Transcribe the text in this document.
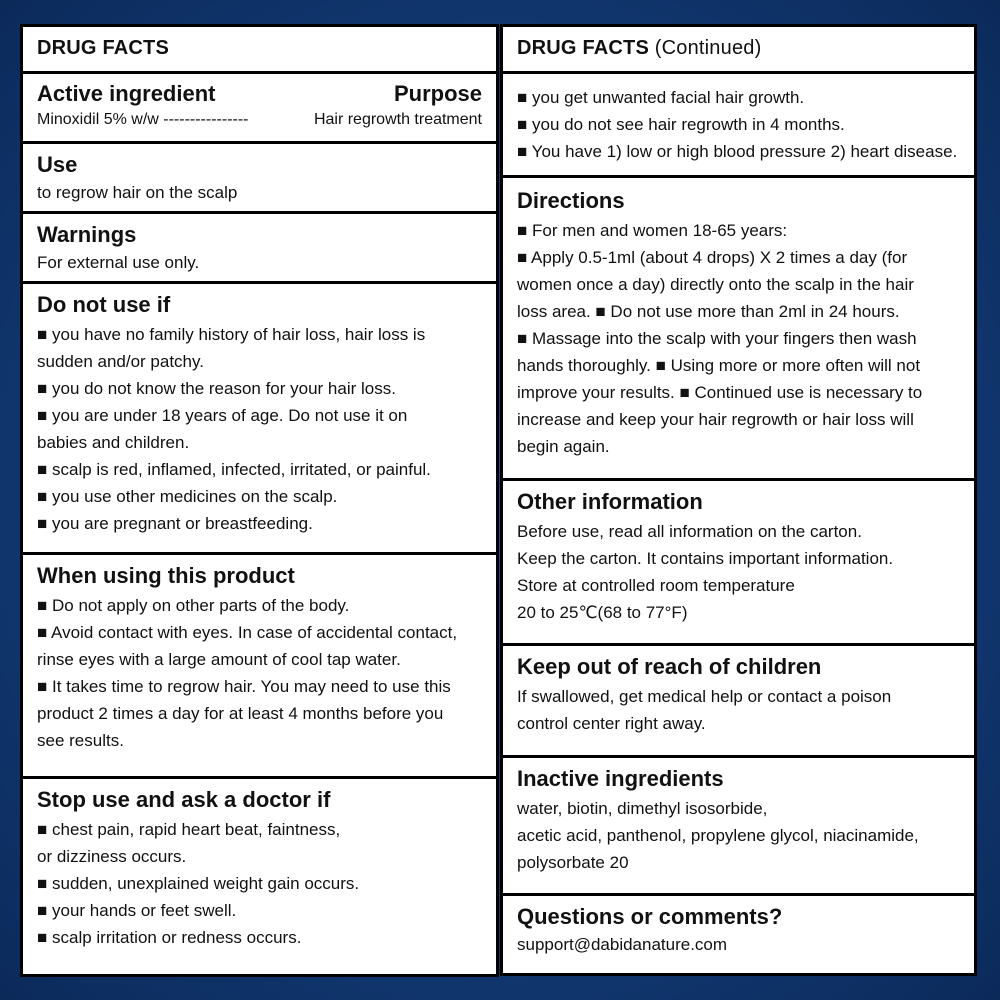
DRUG FACTS
Active ingredient	Purpose
Minoxidil 5% w/w ----------------	Hair regrowth treatment
Use
to regrow hair on the scalp
Warnings
For external use only.
Do not use if
■ you have no family history of hair loss, hair loss is
sudden and/or patchy.
■ you do not know the reason for your hair loss.
■ you are under 18 years of age. Do not use it on
babies and children.
■ scalp is red, inflamed, infected, irritated, or painful.
■ you use other medicines on the scalp.
■ you are pregnant or breastfeeding.
When using this product
■ Do not apply on other parts of the body.
■ Avoid contact with eyes. In case of accidental contact,
rinse eyes with a large amount of cool tap water.
■ It takes time to regrow hair. You may need to use this
product 2 times a day for at least 4 months before you
see results.
Stop use and ask a doctor if
■ chest pain, rapid heart beat, faintness,
or dizziness occurs.
■ sudden, unexplained weight gain occurs.
■ your hands or feet swell.
■ scalp irritation or redness occurs.
DRUG FACTS (Continued)
■ you get unwanted facial hair growth.
■ you do not see hair regrowth in 4 months.
■ You have 1) low or high blood pressure 2) heart disease.
Directions
■ For men and women 18-65 years:
■ Apply 0.5-1ml (about 4 drops) X 2 times a day (for
women once a day) directly onto the scalp in the hair
loss area. ■ Do not use more than 2ml in 24 hours.
■ Massage into the scalp with your fingers then wash
hands thoroughly. ■ Using more or more often will not
improve your results. ■ Continued use is necessary to
increase and keep your hair regrowth or hair loss will
begin again.
Other information
Before use, read all information on the carton.
Keep the carton. It contains important information.
Store at controlled room temperature
20 to 25℃(68 to 77°F)
Keep out of reach of children
If swallowed, get medical help or contact a poison
control center right away.
Inactive ingredients
water, biotin, dimethyl isosorbide,
acetic acid, panthenol, propylene glycol, niacinamide,
polysorbate 20
Questions or comments?
support@dabidanature.com
